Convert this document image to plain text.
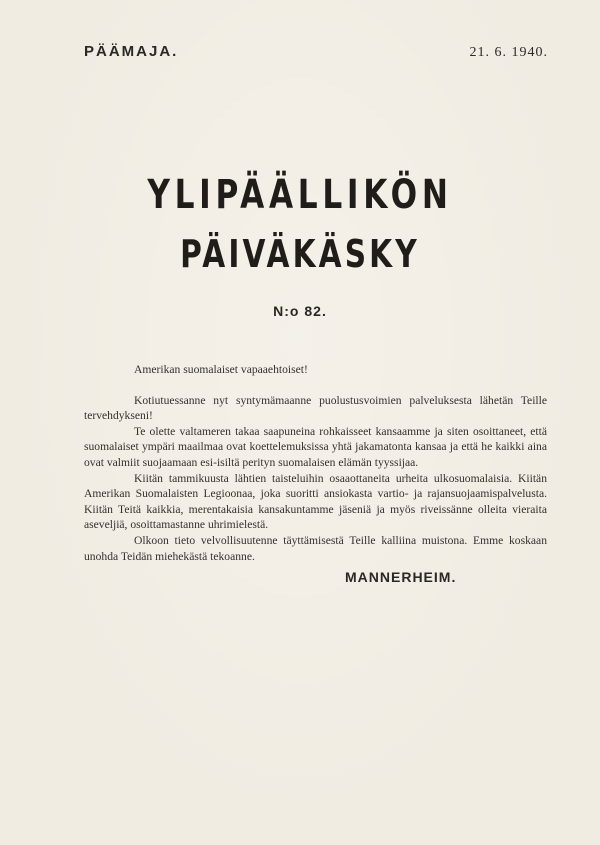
PÄÄMAJA.	21. 6. 1940.
YLIPÄÄLLIKÖN
PÄIVÄKÄSKY
N:o 82.

Amerikan suomalaiset vapaaehtoiset!

Kotiutuessanne nyt syntymämaanne puolustusvoimien palveluksesta lähetän Teille tervehdykseni!

Te olette valtameren takaa saapuneina rohkaisseet kansaamme ja siten osoittaneet, että suomalaiset ympäri maailmaa ovat koettelemuksissa yhtä jakamatonta kansaa ja että he kaikki aina ovat valmiit suojaamaan esi-isiltä perityn suomalaisen elämän tyyssijaa.

Kiitän tammikuusta lähtien taisteluihin osaaottaneita urheita ulkosuomalaisia. Kiitän Amerikan Suomalaisten Legioonaa, joka suoritti ansiokasta vartio- ja rajansuojaamispalvelusta. Kiitän Teitä kaikkia, merentakaisia kansakuntamme jäseniä ja myös riveissänne olleita vieraita aseveljiä, osoittamastanne uhrimielestä.

Olkoon tieto velvollisuutenne täyttämisestä Teille kalliina muistona. Emme koskaan unohda Teidän miehekästä tekoanne.

MANNERHEIM.
